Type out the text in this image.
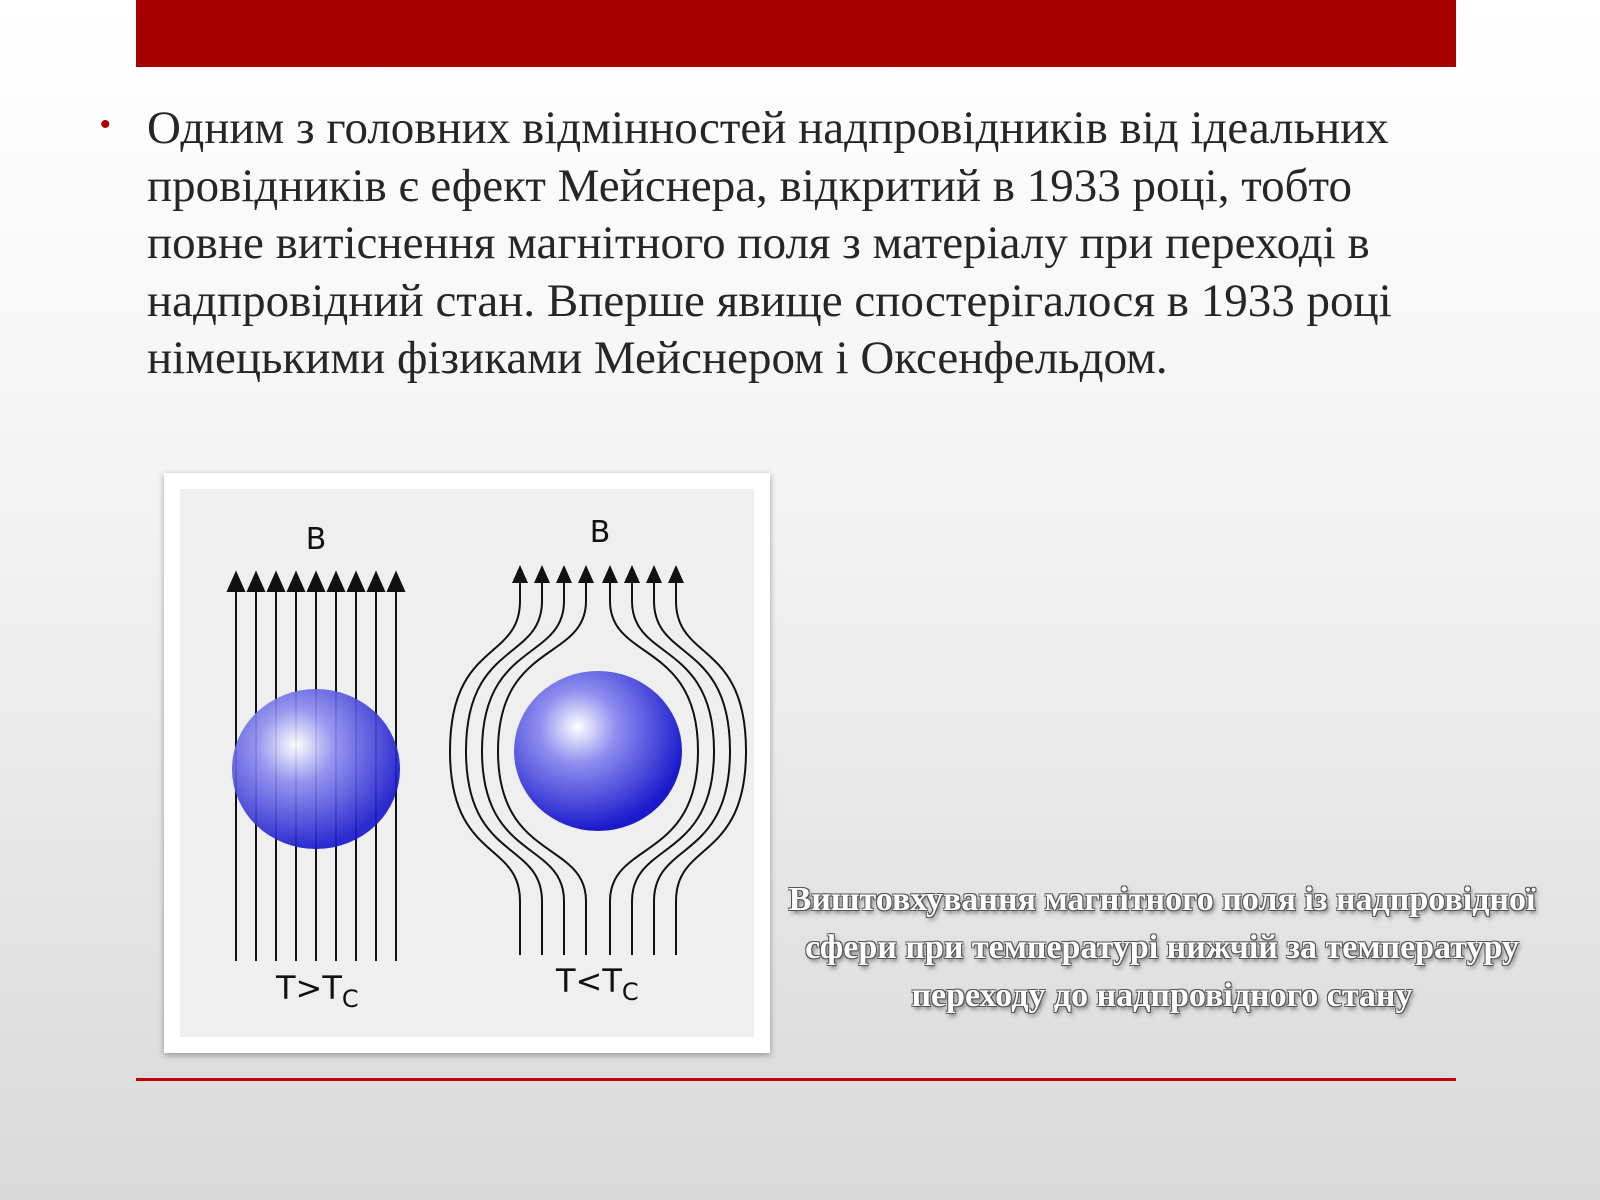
• Одним з головних відмінностей надпровідників від ідеальних провідників є ефект Мейснера, відкритий в 1933 році, тобто повне витіснення магнітного поля з матеріалу при переході в надпровідний стан. Вперше явище спостерігалося в 1933 році німецькими фізиками Мейснером і Оксенфельдом.
B
$T>T_C$
B
$T<T_C$
Виштовхування магнітного поля із надпровідної сфери при температурі нижчій за температуру переходу до надпровідного стану
